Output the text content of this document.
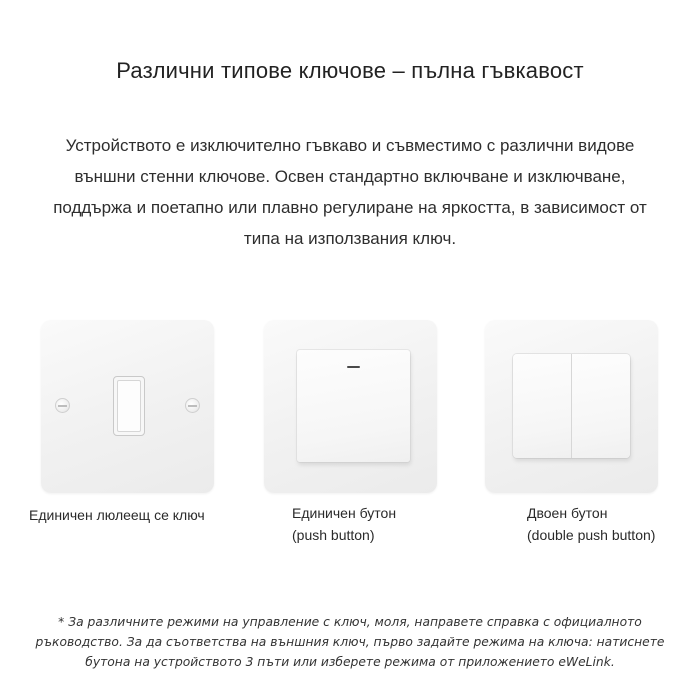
Различни типове ключове – пълна гъвкавост
Устройството е изключително гъвкаво и съвместимо с различни видове външни стенни ключове. Освен стандартно включване и изключване, поддържа и поетапно или плавно регулиране на яркостта, в зависимост от типа на използвания ключ.
Единичен люлеещ се ключ	Единичен бутон
(push button)
Двоен бутон
(double push button)
* За различните режими на управление с ключ, моля, направете справка с официалното ръководство. За да съответства на външния ключ, първо задайте режима на ключа: натиснете бутона на устройството 3 пъти или изберете режима от приложението eWeLink.
